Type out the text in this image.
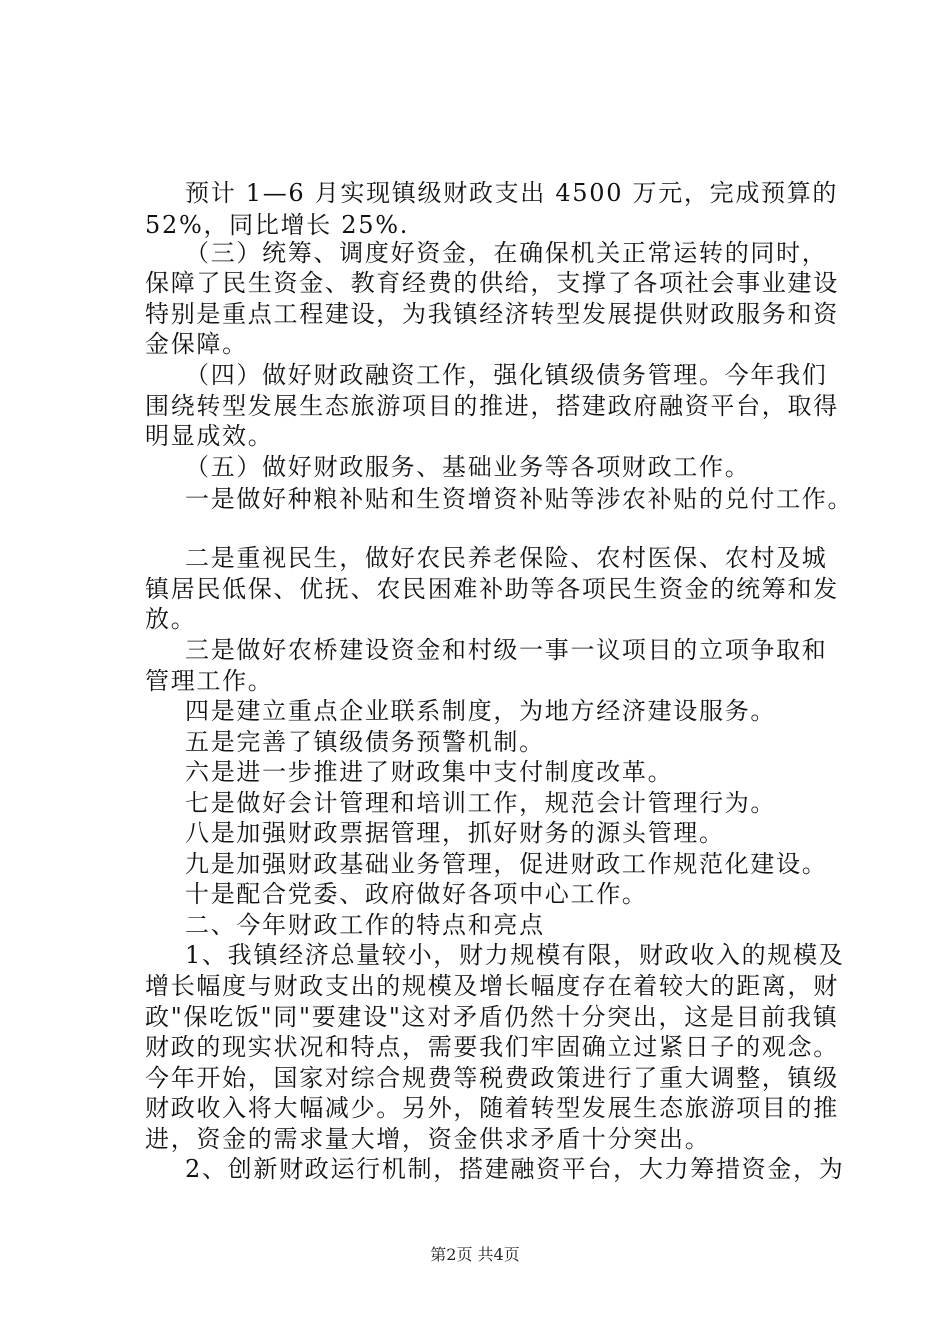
预计 1—6 月实现镇级财政支出 4500 万元，完成预算的
52%，同比增长 25%.
（三）统筹、调度好资金，在确保机关正常运转的同时，
保障了民生资金、教育经费的供给，支撑了各项社会事业建设
特别是重点工程建设，为我镇经济转型发展提供财政服务和资
金保障。
（四）做好财政融资工作，强化镇级债务管理。今年我们
围绕转型发展生态旅游项目的推进，搭建政府融资平台，取得
明显成效。
（五）做好财政服务、基础业务等各项财政工作。
一是做好种粮补贴和生资增资补贴等涉农补贴的兑付工作。
二是重视民生，做好农民养老保险、农村医保、农村及城
镇居民低保、优抚、农民困难补助等各项民生资金的统筹和发
放。
三是做好农桥建设资金和村级一事一议项目的立项争取和
管理工作。
四是建立重点企业联系制度，为地方经济建设服务。
五是完善了镇级债务预警机制。
六是进一步推进了财政集中支付制度改革。
七是做好会计管理和培训工作，规范会计管理行为。
八是加强财政票据管理，抓好财务的源头管理。
九是加强财政基础业务管理，促进财政工作规范化建设。
十是配合党委、政府做好各项中心工作。
二、今年财政工作的特点和亮点
1、我镇经济总量较小，财力规模有限，财政收入的规模及
增长幅度与财政支出的规模及增长幅度存在着较大的距离，财
政"保吃饭"同"要建设"这对矛盾仍然十分突出，这是目前我镇
财政的现实状况和特点，需要我们牢固确立过紧日子的观念。
今年开始，国家对综合规费等税费政策进行了重大调整，镇级
财政收入将大幅减少。另外，随着转型发展生态旅游项目的推
进，资金的需求量大增，资金供求矛盾十分突出。
2、创新财政运行机制，搭建融资平台，大力筹措资金，为
第2页 共4页
